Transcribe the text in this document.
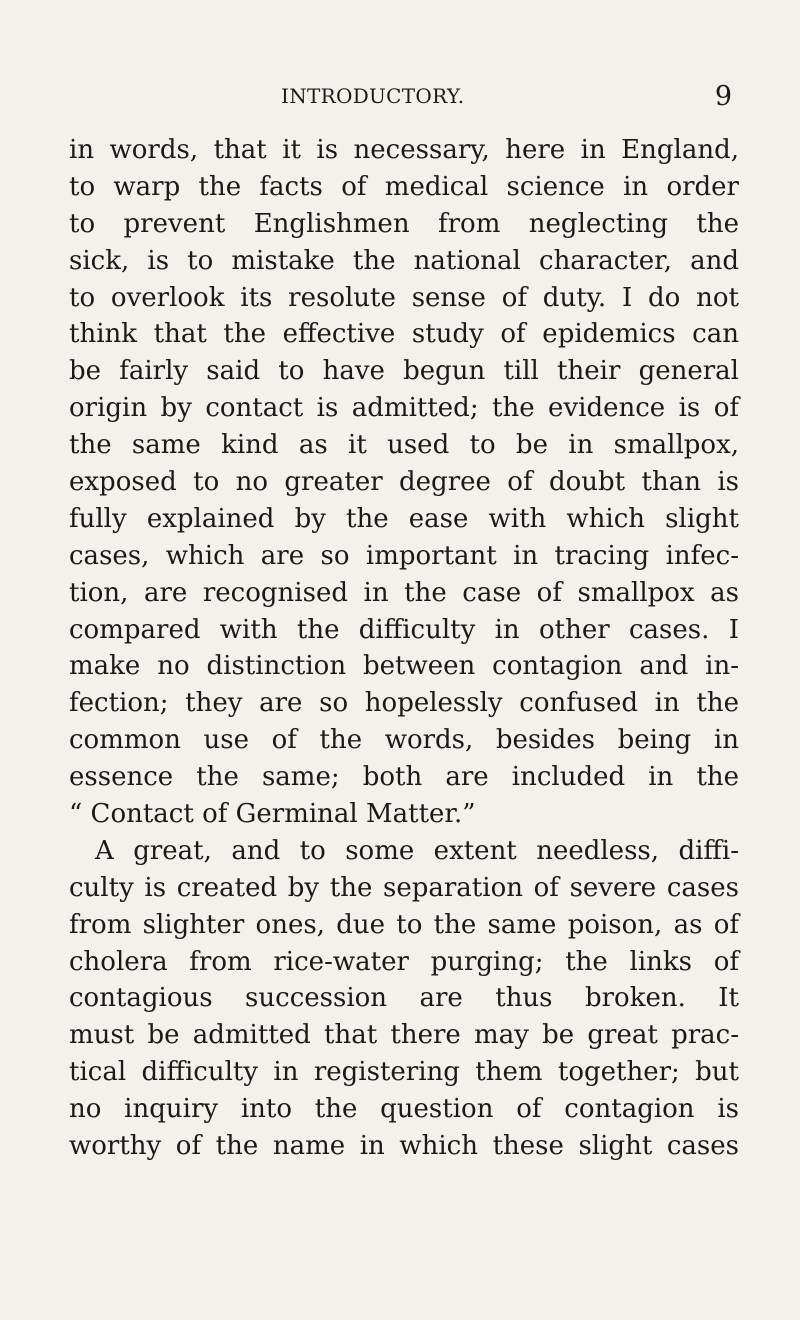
INTRODUCTORY.	9
in words, that it is necessary, here in England,
to warp the facts of medical science in order
to prevent Englishmen from neglecting the
sick, is to mistake the national character, and
to overlook its resolute sense of duty. I do not
think that the effective study of epidemics can
be fairly said to have begun till their general
origin by contact is admitted; the evidence is of
the same kind as it used to be in smallpox,
exposed to no greater degree of doubt than is
fully explained by the ease with which slight
cases, which are so important in tracing infec-
tion, are recognised in the case of smallpox as
compared with the difficulty in other cases. I
make no distinction between contagion and in-
fection; they are so hopelessly confused in the
common use of the words, besides being in
essence the same; both are included in the
“ Contact of Germinal Matter.”
A great, and to some extent needless, diffi-
culty is created by the separation of severe cases
from slighter ones, due to the same poison, as of
cholera from rice-water purging; the links of
contagious succession are thus broken. It
must be admitted that there may be great prac-
tical difficulty in registering them together; but
no inquiry into the question of contagion is
worthy of the name in which these slight cases
